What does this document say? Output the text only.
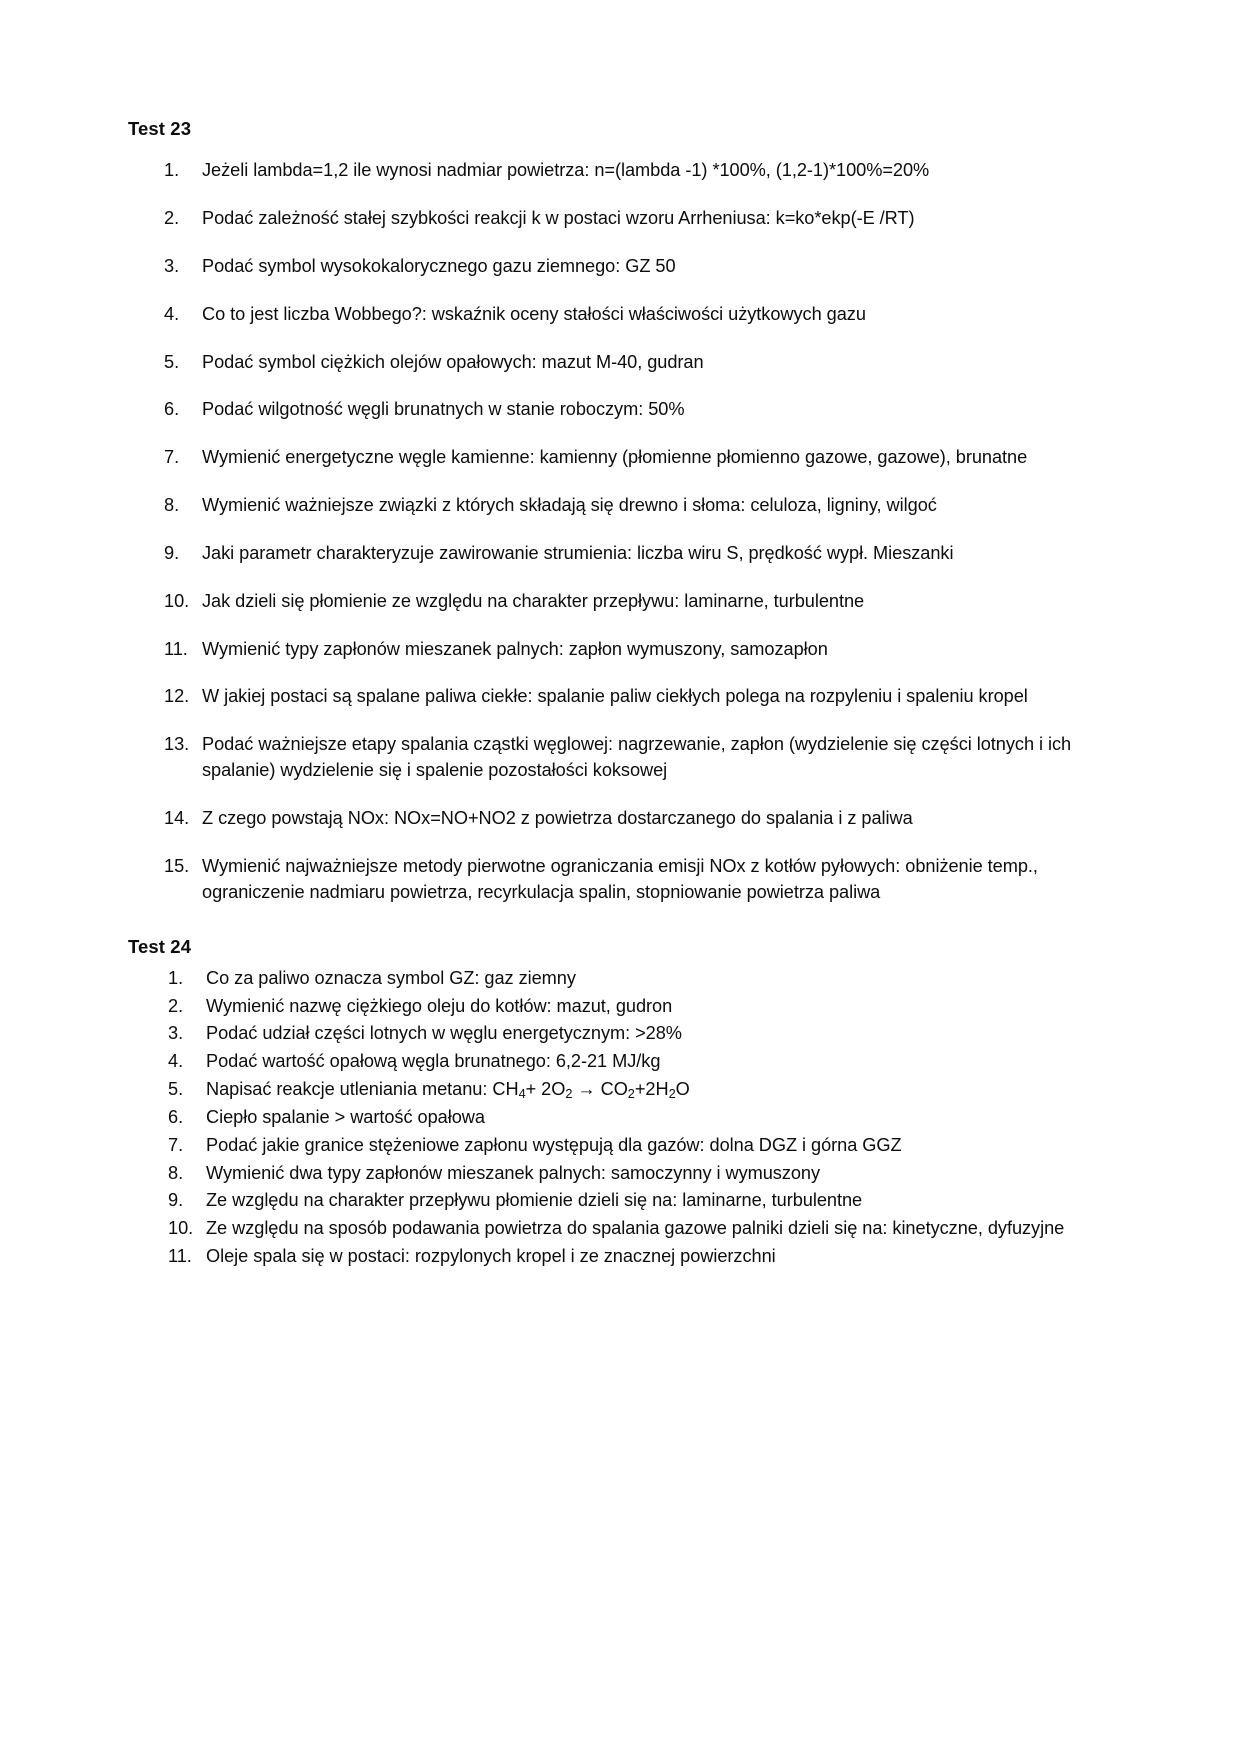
Test 23
1.	Jeżeli lambda=1,2 ile wynosi nadmiar powietrza: n=(lambda -1) *100%, (1,2-1)*100%=20%
2.	Podać zależność stałej szybkości reakcji k w postaci wzoru Arrheniusa: k=ko*ekp(-E /RT)
3.	Podać symbol wysokokalorycznego gazu ziemnego: GZ 50
4.	Co to jest liczba Wobbego?: wskaźnik oceny stałości właściwości użytkowych gazu
5.	Podać symbol ciężkich olejów opałowych: mazut M-40, gudran
6.	Podać wilgotność węgli brunatnych w stanie roboczym: 50%
7.	Wymienić energetyczne węgle kamienne: kamienny (płomienne płomienno gazowe, gazowe), brunatne
8.	Wymienić ważniejsze związki z których składają się drewno i słoma: celuloza, ligniny, wilgoć
9.	Jaki parametr charakteryzuje zawirowanie strumienia: liczba wiru S, prędkość wypł. Mieszanki
10. Jak dzieli się płomienie ze względu na charakter przepływu: laminarne, turbulentne
11. Wymienić typy zapłonów mieszanek palnych: zapłon wymuszony, samozapłon
12. W jakiej postaci są spalane paliwa ciekłe: spalanie paliw ciekłych polega na rozpyleniu i spaleniu kropel
13. Podać ważniejsze etapy spalania cząstki węglowej: nagrzewanie, zapłon (wydzielenie się części lotnych i ich spalanie) wydzielenie się i spalenie pozostałości koksowej
14. Z czego powstają NOx: NOx=NO+NO2 z powietrza dostarczanego do spalania i z paliwa
15. Wymienić najważniejsze metody pierwotne ograniczania emisji NOx z kotłów pyłowych: obniżenie temp., ograniczenie nadmiaru powietrza, recyrkulacja spalin, stopniowanie powietrza paliwa
Test 24
1.	Co za paliwo oznacza symbol GZ: gaz ziemny
2.	Wymienić nazwę ciężkiego oleju do kotłów: mazut, gudron
3.	Podać udział części lotnych w węglu energetycznym: >28%
4.	Podać wartość opałową węgla brunatnego: 6,2-21 MJ/kg
5.	Napisać reakcje utleniania metanu: $CH_4+ 2O_2 \to CO_2+2H_2O$
6.	Ciepło spalanie > wartość opałowa
7.	Podać jakie granice stężeniowe zapłonu występują dla gazów: dolna DGZ i górna GGZ
8.	Wymienić dwa typy zapłonów mieszanek palnych: samoczynny i wymuszony
9.	Ze względu na charakter przepływu płomienie dzieli się na: laminarne, turbulentne
10. Ze względu na sposób podawania powietrza do spalania gazowe palniki dzieli się na: kinetyczne, dyfuzyjne
11. Oleje spala się w postaci: rozpylonych kropel i ze znacznej powierzchni
